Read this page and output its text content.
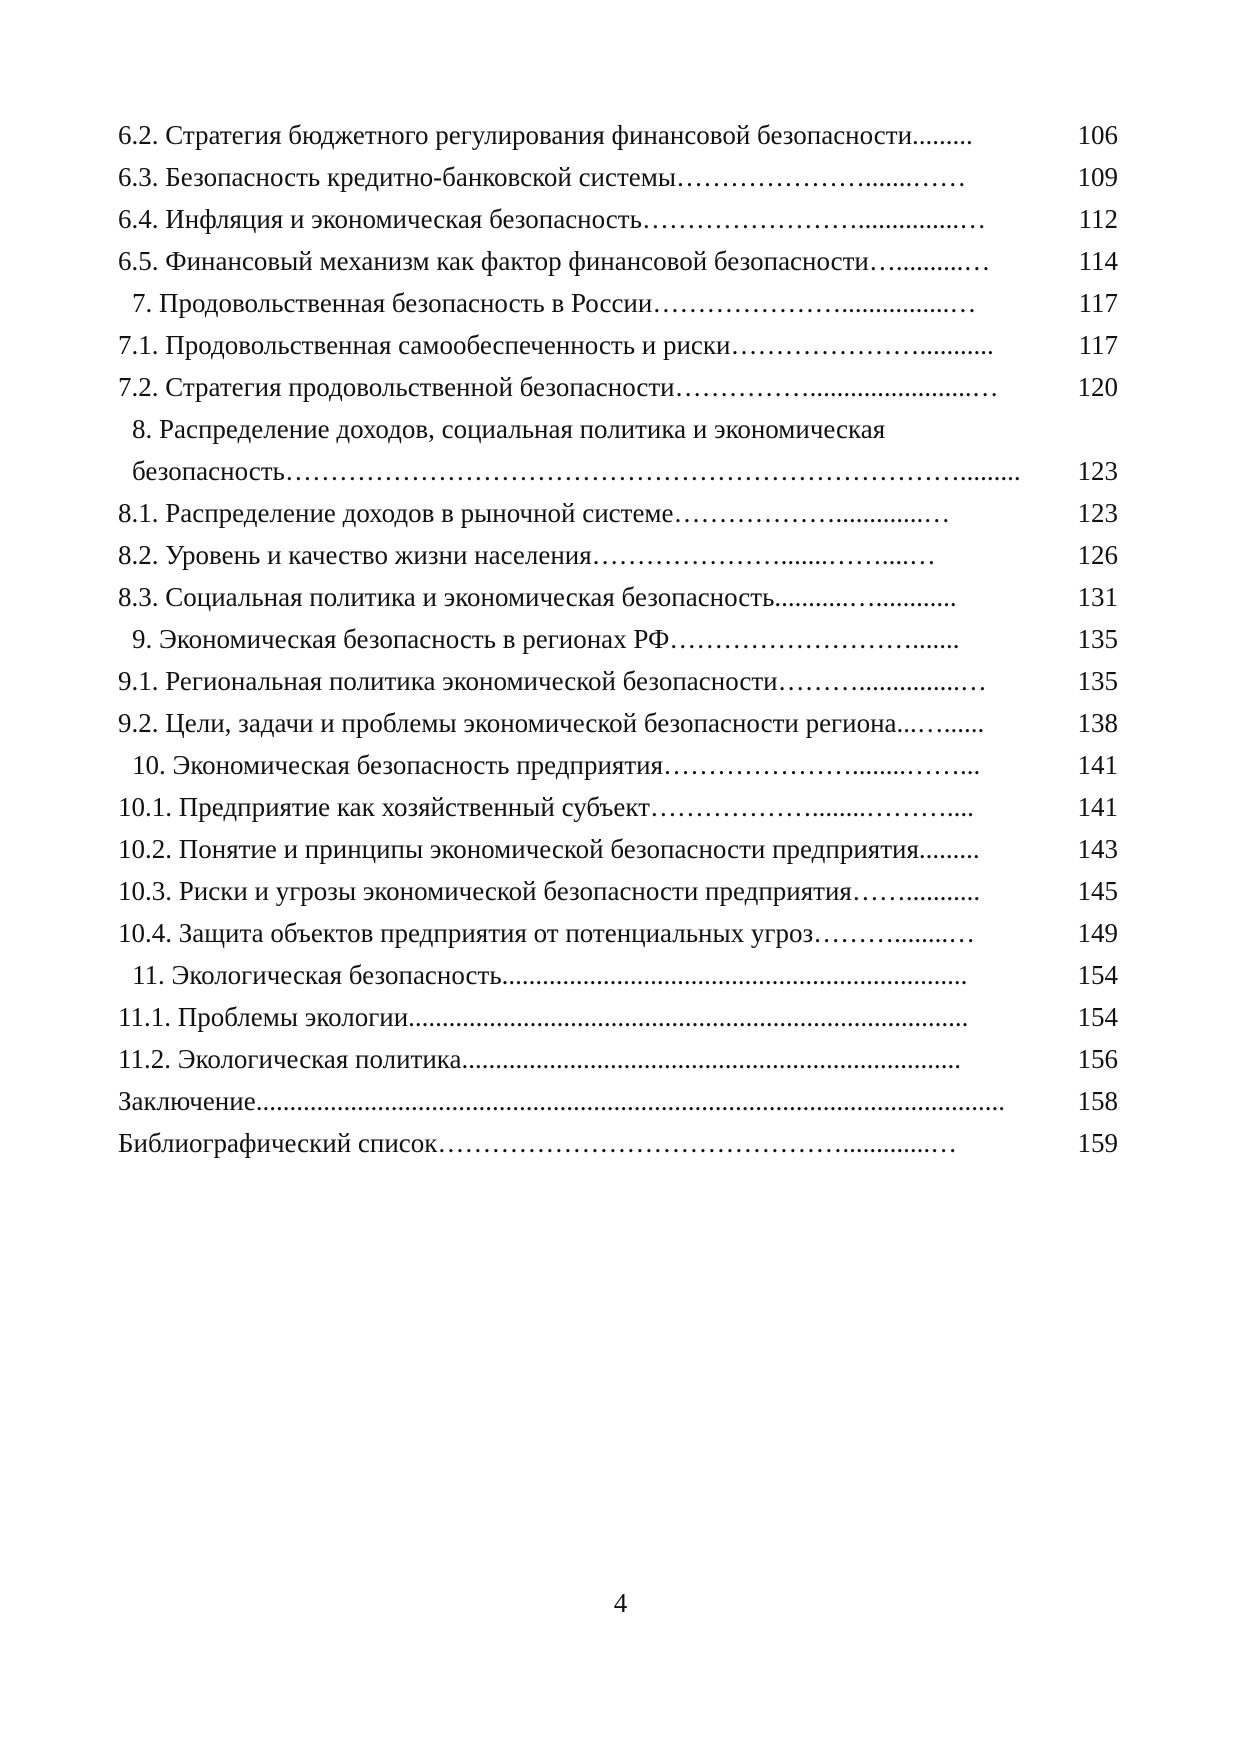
6.2. Стратегия бюджетного регулирования финансовой безопасности.........	106
6.3. Безопасность кредитно-банковской системы………………….......……	109
6.4. Инфляция и экономическая безопасность……………………...............…	112
6.5. Финансовый механизм как фактор финансовой безопасности…..........…	114
7. Продовольственная безопасность в России…………………................…	117
7.1. Продовольственная самообеспеченность и риски…………………...........	117
7.2. Стратегия продовольственной безопасности……………........................…	120
8. Распределение доходов, социальная политика и экономическая
безопасность………………………………………………………………….........	123
8.1. Распределение доходов в рыночной системе……………….............…	123
8.2. Уровень и качество жизни населения………………….......……....…	126
8.3. Социальная политика и экономическая безопасность...........…............	131
9. Экономическая безопасность в регионах РФ……………………….......	135
9.1. Региональная политика экономической безопасности………...............…	135
9.2. Цели, задачи и проблемы экономической безопасности региона...…......	138
10. Экономическая безопасность предприятия…………………........……...	141
10.1. Предприятие как хозяйственный субъект………………........………....	141
10.2. Понятие и принципы экономической безопасности предприятия.........	143
10.3. Риски и угрозы экономической безопасности предприятия……...........	145
10.4. Защита объектов предприятия от потенциальных угроз………........…	149
11. Экологическая безопасность.....................................................................	154
11.1. Проблемы экологии...................................................................................	154
11.2. Экологическая политика..........................................................................	156
Заключение...............................................................................................................	158
Библиографический список……………………………………….............…	159
4
